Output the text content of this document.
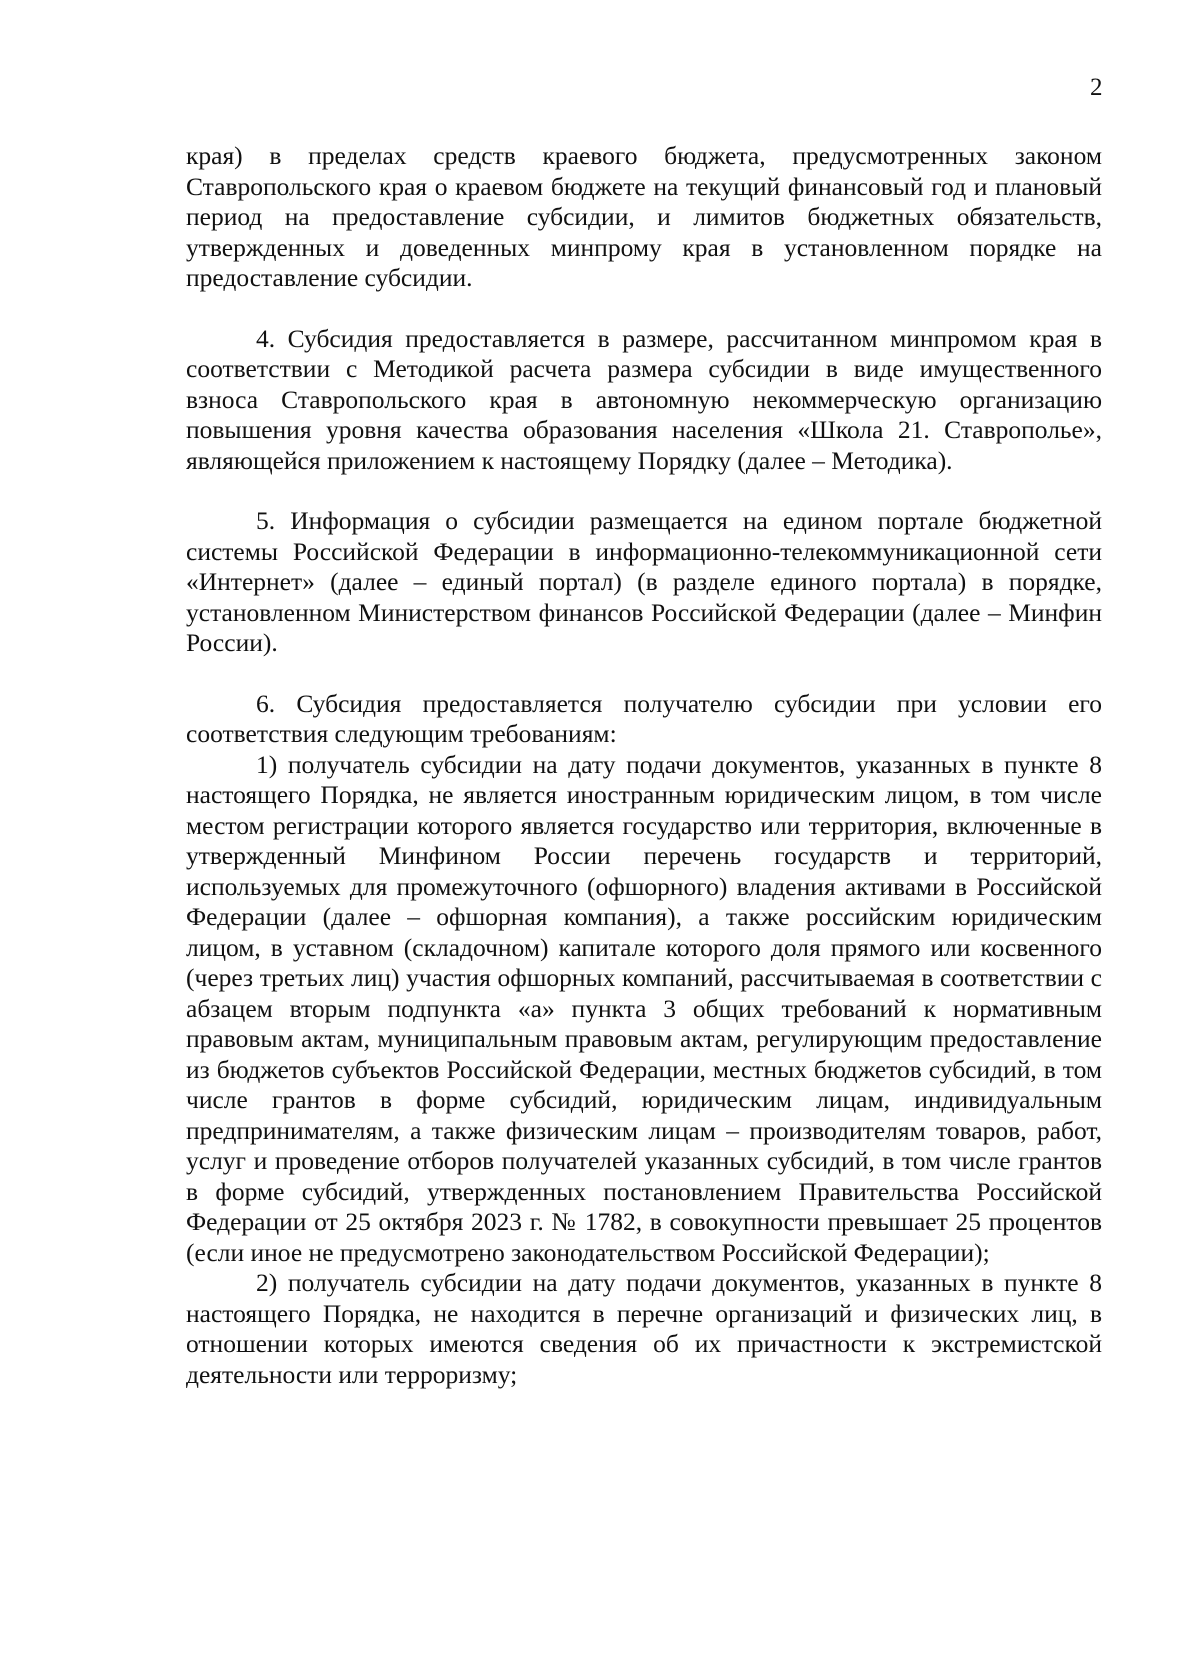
2

края) в пределах средств краевого бюджета, предусмотренных законом Ставропольского края о краевом бюджете на текущий финансовый год и плановый период на предоставление субсидии, и лимитов бюджетных обязательств, утвержденных и доведенных минпрому края в установленном порядке на предоставление субсидии.

4. Субсидия предоставляется в размере, рассчитанном минпромом края в соответствии с Методикой расчета размера субсидии в виде имущественного взноса Ставропольского края в автономную некоммерческую организацию повышения уровня качества образования населения «Школа 21. Ставрополье», являющейся приложением к настоящему Порядку (далее – Методика).

5. Информация о субсидии размещается на едином портале бюджетной системы Российской Федерации в информационно-телекоммуникационной сети «Интернет» (далее – единый портал) (в разделе единого портала) в порядке, установленном Министерством финансов Российской Федерации (далее – Минфин России).

6. Субсидия предоставляется получателю субсидии при условии его соответствия следующим требованиям:

1) получатель субсидии на дату подачи документов, указанных в пункте 8 настоящего Порядка, не является иностранным юридическим лицом, в том числе местом регистрации которого является государство или территория, включенные в утвержденный Минфином России перечень государств и территорий, используемых для промежуточного (офшорного) владения активами в Российской Федерации (далее – офшорная компания), а также российским юридическим лицом, в уставном (складочном) капитале которого доля прямого или косвенного (через третьих лиц) участия офшорных компаний, рассчитываемая в соответствии с абзацем вторым подпункта «а» пункта 3 общих требований к нормативным правовым актам, муниципальным правовым актам, регулирующим предоставление из бюджетов субъектов Российской Федерации, местных бюджетов субсидий, в том числе грантов в форме субсидий, юридическим лицам, индивидуальным предпринимателям, а также физическим лицам – производителям товаров, работ, услуг и проведение отборов получателей указанных субсидий, в том числе грантов в форме субсидий, утвержденных постановлением Правительства Российской Федерации от 25 октября 2023 г. № 1782, в совокупности превышает 25 процентов (если иное не предусмотрено законодательством Российской Федерации);

2) получатель субсидии на дату подачи документов, указанных в пункте 8 настоящего Порядка, не находится в перечне организаций и физических лиц, в отношении которых имеются сведения об их причастности к экстремистской деятельности или терроризму;
